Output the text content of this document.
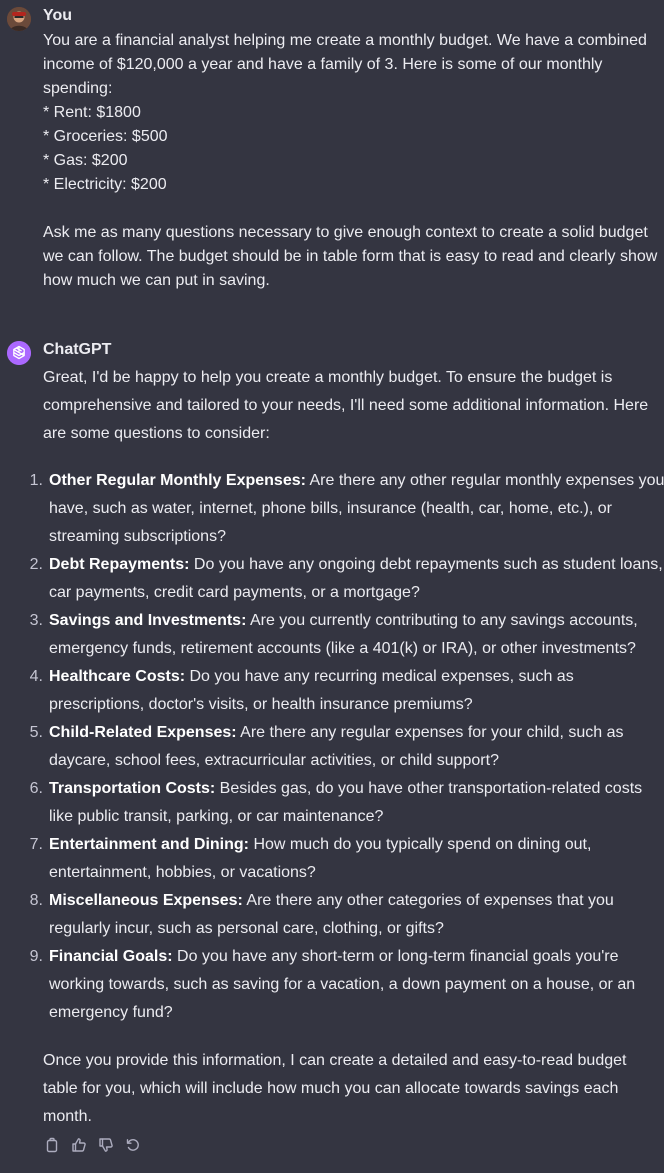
You
You are a financial analyst helping me create a monthly budget. We have a combined
income of $120,000 a year and have a family of 3. Here is some of our monthly
spending:
* Rent: $1800
* Groceries: $500
* Gas: $200
* Electricity: $200
Ask me as many questions necessary to give enough context to create a solid budget
we can follow. The budget should be in table form that is easy to read and clearly show
how much we can put in saving.
ChatGPT
Great, I'd be happy to help you create a monthly budget. To ensure the budget is
comprehensive and tailored to your needs, I'll need some additional information. Here
are some questions to consider:
1. Other Regular Monthly Expenses: Are there any other regular monthly expenses you
have, such as water, internet, phone bills, insurance (health, car, home, etc.), or
streaming subscriptions?
2. Debt Repayments: Do you have any ongoing debt repayments such as student loans,
car payments, credit card payments, or a mortgage?
3. Savings and Investments: Are you currently contributing to any savings accounts,
emergency funds, retirement accounts (like a 401(k) or IRA), or other investments?
4. Healthcare Costs: Do you have any recurring medical expenses, such as
prescriptions, doctor's visits, or health insurance premiums?
5. Child-Related Expenses: Are there any regular expenses for your child, such as
daycare, school fees, extracurricular activities, or child support?
6. Transportation Costs: Besides gas, do you have other transportation-related costs
like public transit, parking, or car maintenance?
7. Entertainment and Dining: How much do you typically spend on dining out,
entertainment, hobbies, or vacations?
8. Miscellaneous Expenses: Are there any other categories of expenses that you
regularly incur, such as personal care, clothing, or gifts?
9. Financial Goals: Do you have any short-term or long-term financial goals you're
working towards, such as saving for a vacation, a down payment on a house, or an
emergency fund?
Once you provide this information, I can create a detailed and easy-to-read budget
table for you, which will include how much you can allocate towards savings each
month.
